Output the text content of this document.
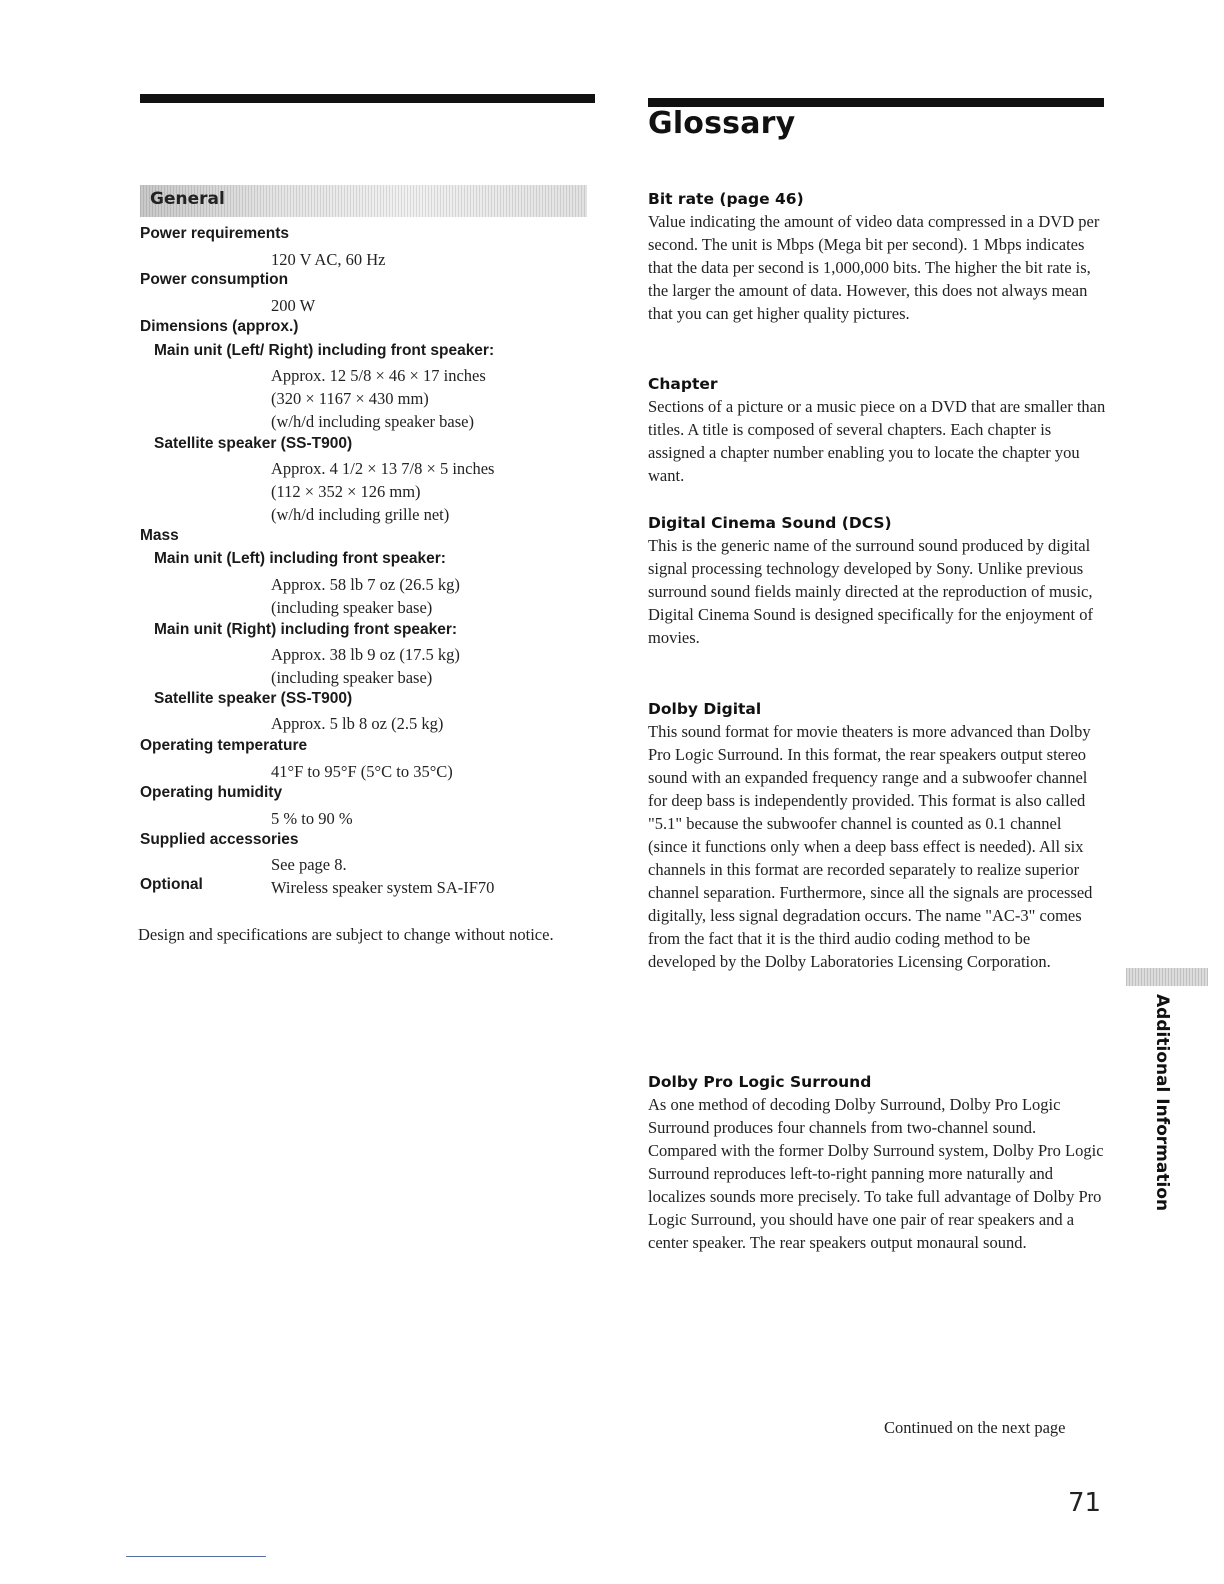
Glossary
General
Power requirements
120 V AC, 60 Hz
Power consumption
200 W
Dimensions (approx.)
Main unit (Left/ Right) including front speaker:
Approx. 12 5/8 × 46 × 17 inches
(320 × 1167 × 430 mm)
(w/h/d including speaker base)
Satellite speaker (SS-T900)
Approx. 4 1/2 × 13 7/8 × 5 inches
(112 × 352 × 126 mm)
(w/h/d including grille net)
Mass
Main unit (Left) including front speaker:
Approx. 58 lb 7 oz (26.5 kg)
(including speaker base)
Main unit (Right) including front speaker:
Approx. 38 lb 9 oz (17.5 kg)
(including speaker base)
Satellite speaker (SS-T900)
Approx. 5 lb 8 oz (2.5 kg)
Operating temperature
41°F to 95°F (5°C to 35°C)
Operating humidity
5 % to 90 %
Supplied accessories
See page 8.
Optional	Wireless speaker system SA-IF70
Design and specifications are subject to change without notice.
Bit rate (page 46)

Value indicating the amount of video data compressed in a DVD per second. The unit is Mbps (Mega bit per second). 1 Mbps indicates that the data per second is 1,000,000 bits. The higher the bit rate is, the larger the amount of data. However, this does not always mean that you can get higher quality pictures.

Chapter

Sections of a picture or a music piece on a DVD that are smaller than titles. A title is composed of several chapters. Each chapter is assigned a chapter number enabling you to locate the chapter you want.

Digital Cinema Sound (DCS)

This is the generic name of the surround sound produced by digital signal processing technology developed by Sony. Unlike previous surround sound fields mainly directed at the reproduction of music, Digital Cinema Sound is designed specifically for the enjoyment of movies.

Dolby Digital

This sound format for movie theaters is more advanced than Dolby Pro Logic Surround. In this format, the rear speakers output stereo sound with an expanded frequency range and a subwoofer channel for deep bass is independently provided. This format is also called "5.1" because the subwoofer channel is counted as 0.1 channel (since it functions only when a deep bass effect is needed). All six channels in this format are recorded separately to realize superior channel separation. Furthermore, since all the signals are processed digitally, less signal degradation occurs. The name "AC-3" comes from the fact that it is the third audio coding method to be developed by the Dolby Laboratories Licensing Corporation.

Dolby Pro Logic Surround

As one method of decoding Dolby Surround, Dolby Pro Logic Surround produces four channels from two-channel sound. Compared with the former Dolby Surround system, Dolby Pro Logic Surround reproduces left-to-right panning more naturally and localizes sounds more precisely. To take full advantage of Dolby Pro Logic Surround, you should have one pair of rear speakers and a center speaker. The rear speakers output monaural sound.

Additional Information
Continued on the next page
71
